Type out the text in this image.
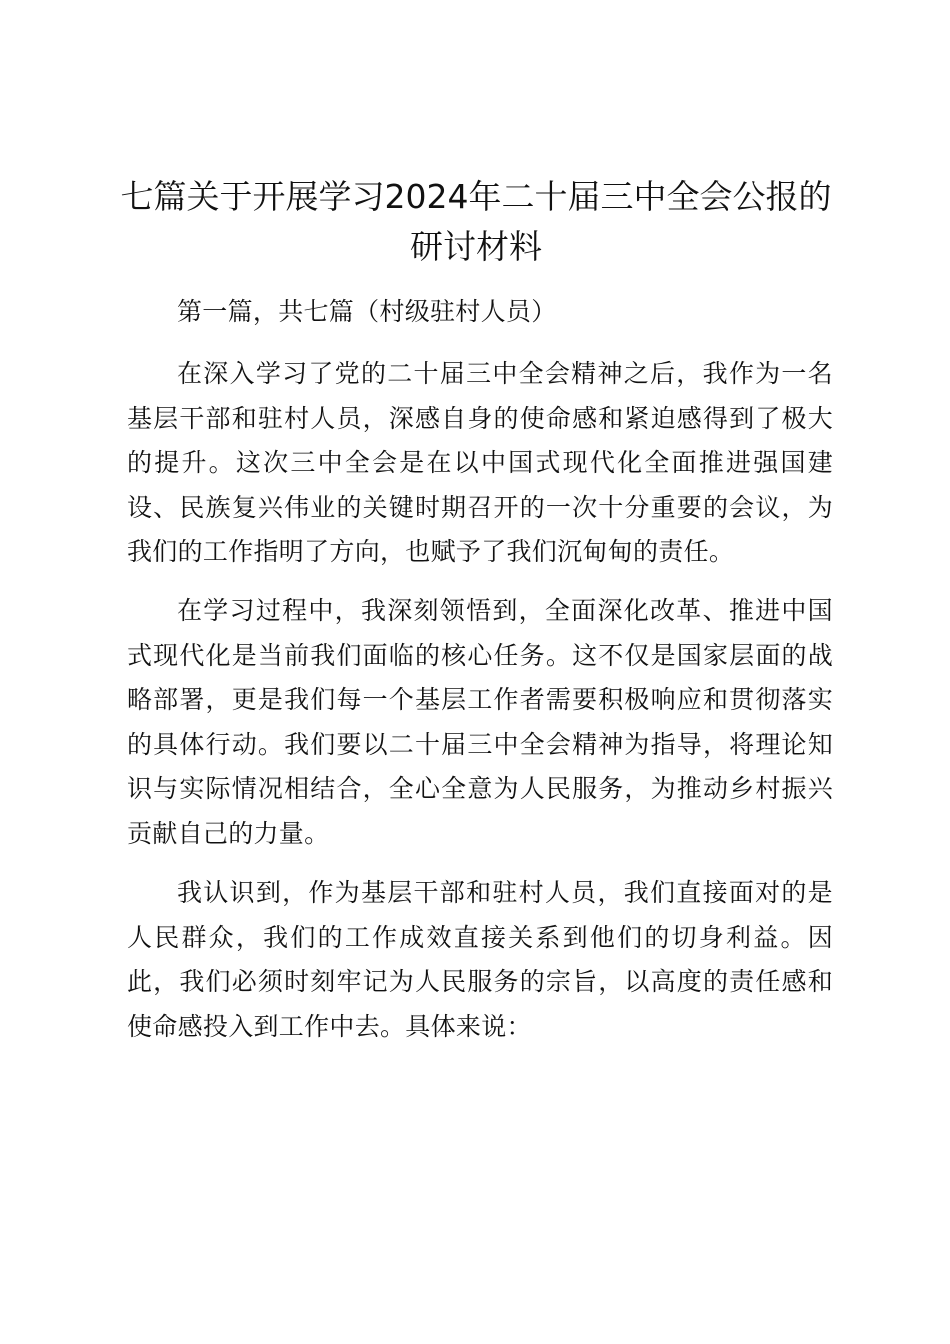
七篇关于开展学习2024年二十届三中全会公报的研讨材料

第一篇，共七篇（村级驻村人员）

在深入学习了党的二十届三中全会精神之后，我作为一名基层干部和驻村人员，深感自身的使命感和紧迫感得到了极大的提升。这次三中全会是在以中国式现代化全面推进强国建设、民族复兴伟业的关键时期召开的一次十分重要的会议，为我们的工作指明了方向，也赋予了我们沉甸甸的责任。

在学习过程中，我深刻领悟到，全面深化改革、推进中国式现代化是当前我们面临的核心任务。这不仅是国家层面的战略部署，更是我们每一个基层工作者需要积极响应和贯彻落实的具体行动。我们要以二十届三中全会精神为指导，将理论知识与实际情况相结合，全心全意为人民服务，为推动乡村振兴贡献自己的力量。

我认识到，作为基层干部和驻村人员，我们直接面对的是人民群众，我们的工作成效直接关系到他们的切身利益。因此，我们必须时刻牢记为人民服务的宗旨，以高度的责任感和使命感投入到工作中去。具体来说：
